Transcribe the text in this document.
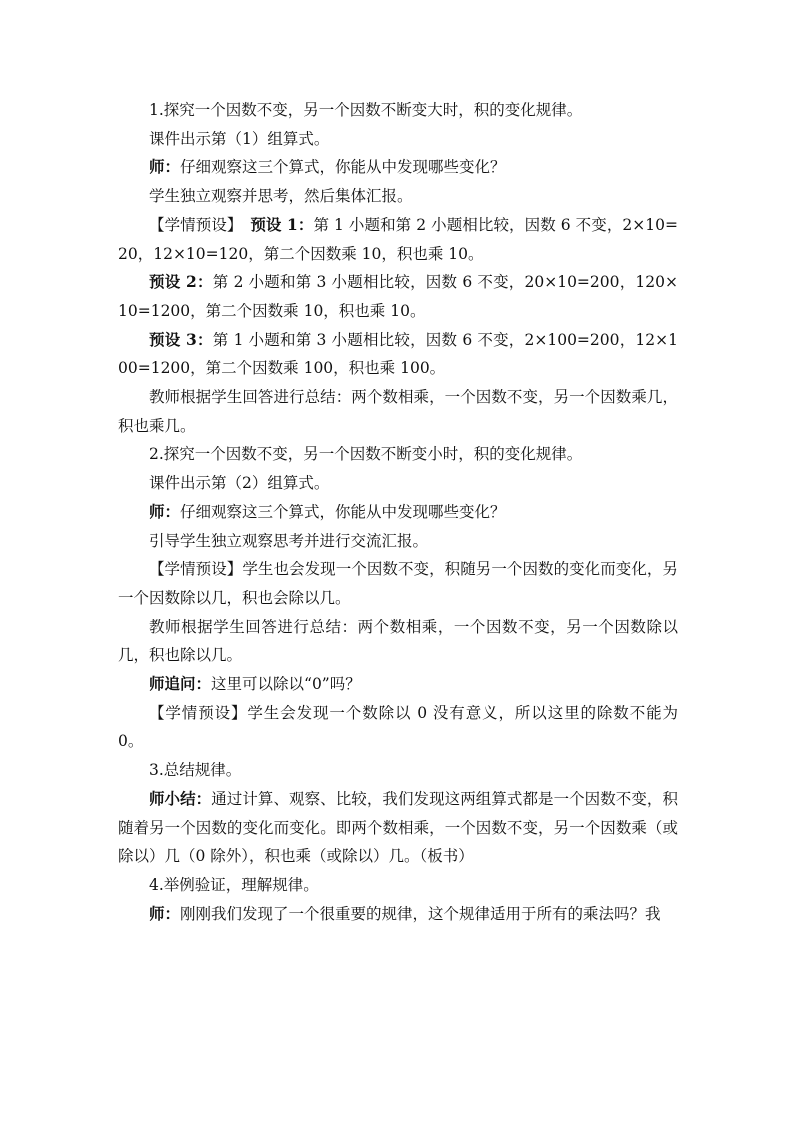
1.探究一个因数不变，另一个因数不断变大时，积的变化规律。

课件出示第（1）组算式。

师：仔细观察这三个算式，你能从中发现哪些变化？

学生独立观察并思考，然后集体汇报。

【学情预设】　预设 1：第 1 小题和第 2 小题相比较，因数 6 不变，2×10=20，12×10=120，第二个因数乘 10，积也乘 10。

预设 2：第 2 小题和第 3 小题相比较，因数 6 不变，20×10=200，120×10=1200，第二个因数乘 10，积也乘 10。

预设 3：第 1 小题和第 3 小题相比较，因数 6 不变，2×100=200，12×100=1200，第二个因数乘 100，积也乘 100。

教师根据学生回答进行总结：两个数相乘，一个因数不变，另一个因数乘几，积也乘几。

2.探究一个因数不变，另一个因数不断变小时，积的变化规律。

课件出示第（2）组算式。

师：仔细观察这三个算式，你能从中发现哪些变化？

引导学生独立观察思考并进行交流汇报。

【学情预设】学生也会发现一个因数不变，积随另一个因数的变化而变化，另一个因数除以几，积也会除以几。

教师根据学生回答进行总结：两个数相乘，一个因数不变，另一个因数除以几，积也除以几。

师追问：这里可以除以“0”吗？

【学情预设】学生会发现一个数除以 0 没有意义，所以这里的除数不能为 0。

3.总结规律。

师小结：通过计算、观察、比较，我们发现这两组算式都是一个因数不变，积随着另一个因数的变化而变化。即两个数相乘，一个因数不变，另一个因数乘（或除以）几（0 除外），积也乘（或除以）几。（板书）

4.举例验证，理解规律。

师：刚刚我们发现了一个很重要的规律，这个规律适用于所有的乘法吗？我
